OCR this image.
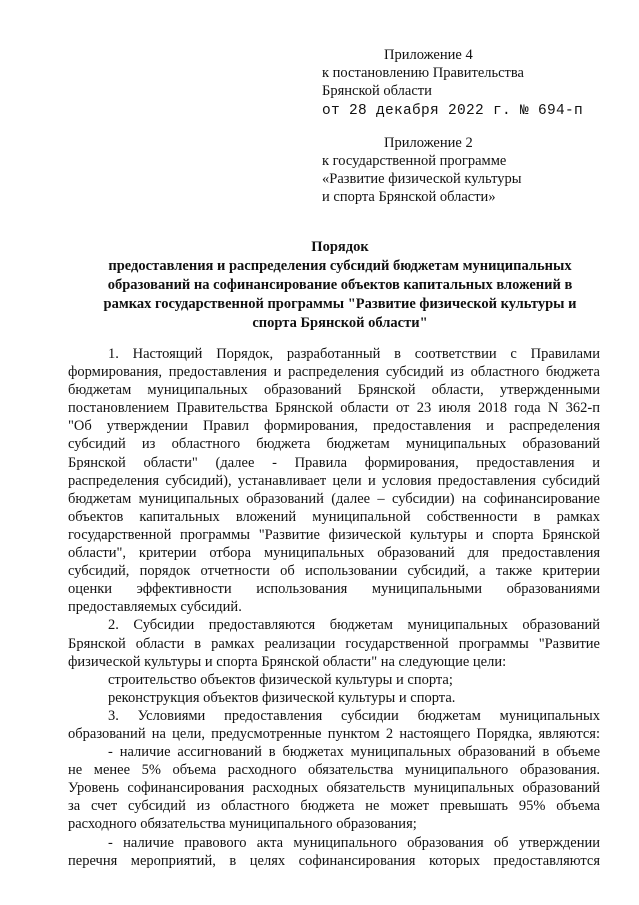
Приложение 4
к постановлению Правительства
Брянской области
от 28 декабря 2022 г. № 694-п
Приложение 2
к государственной программе
«Развитие физической культуры
и спорта Брянской области»
Порядок
предоставления и распределения субсидий бюджетам муниципальных
образований на софинансирование объектов капитальных вложений в
рамках государственной программы "Развитие физической культуры и
спорта Брянской области"
1. Настоящий Порядок, разработанный в соответствии с Правилами
формирования, предоставления и распределения субсидий из областного бюджета
бюджетам муниципальных образований Брянской области, утвержденными
постановлением Правительства Брянской области от 23 июля 2018 года N 362-п
"Об утверждении Правил формирования, предоставления и распределения
субсидий из областного бюджета бюджетам муниципальных образований
Брянской области" (далее - Правила формирования, предоставления и
распределения субсидий), устанавливает цели и условия предоставления субсидий
бюджетам муниципальных образований (далее – субсидии) на софинансирование
объектов капитальных вложений муниципальной собственности в рамках
государственной программы "Развитие физической культуры и спорта Брянской
области", критерии отбора муниципальных образований для предоставления
субсидий, порядок отчетности об использовании субсидий, а также критерии
оценки эффективности использования муниципальными образованиями
предоставляемых субсидий.
2. Субсидии предоставляются бюджетам муниципальных образований
Брянской области в рамках реализации государственной программы "Развитие
физической культуры и спорта Брянской области" на следующие цели:
строительство объектов физической культуры и спорта;
реконструкция объектов физической культуры и спорта.
3. Условиями предоставления субсидии бюджетам муниципальных
образований на цели, предусмотренные пунктом 2 настоящего Порядка, являются:
- наличие ассигнований в бюджетах муниципальных образований в объеме
не менее 5% объема расходного обязательства муниципального образования.
Уровень софинансирования расходных обязательств муниципальных образований
за счет субсидий из областного бюджета не может превышать 95% объема
расходного обязательства муниципального образования;
- наличие правового акта муниципального образования об утверждении
перечня мероприятий, в целях софинансирования которых предоставляются
